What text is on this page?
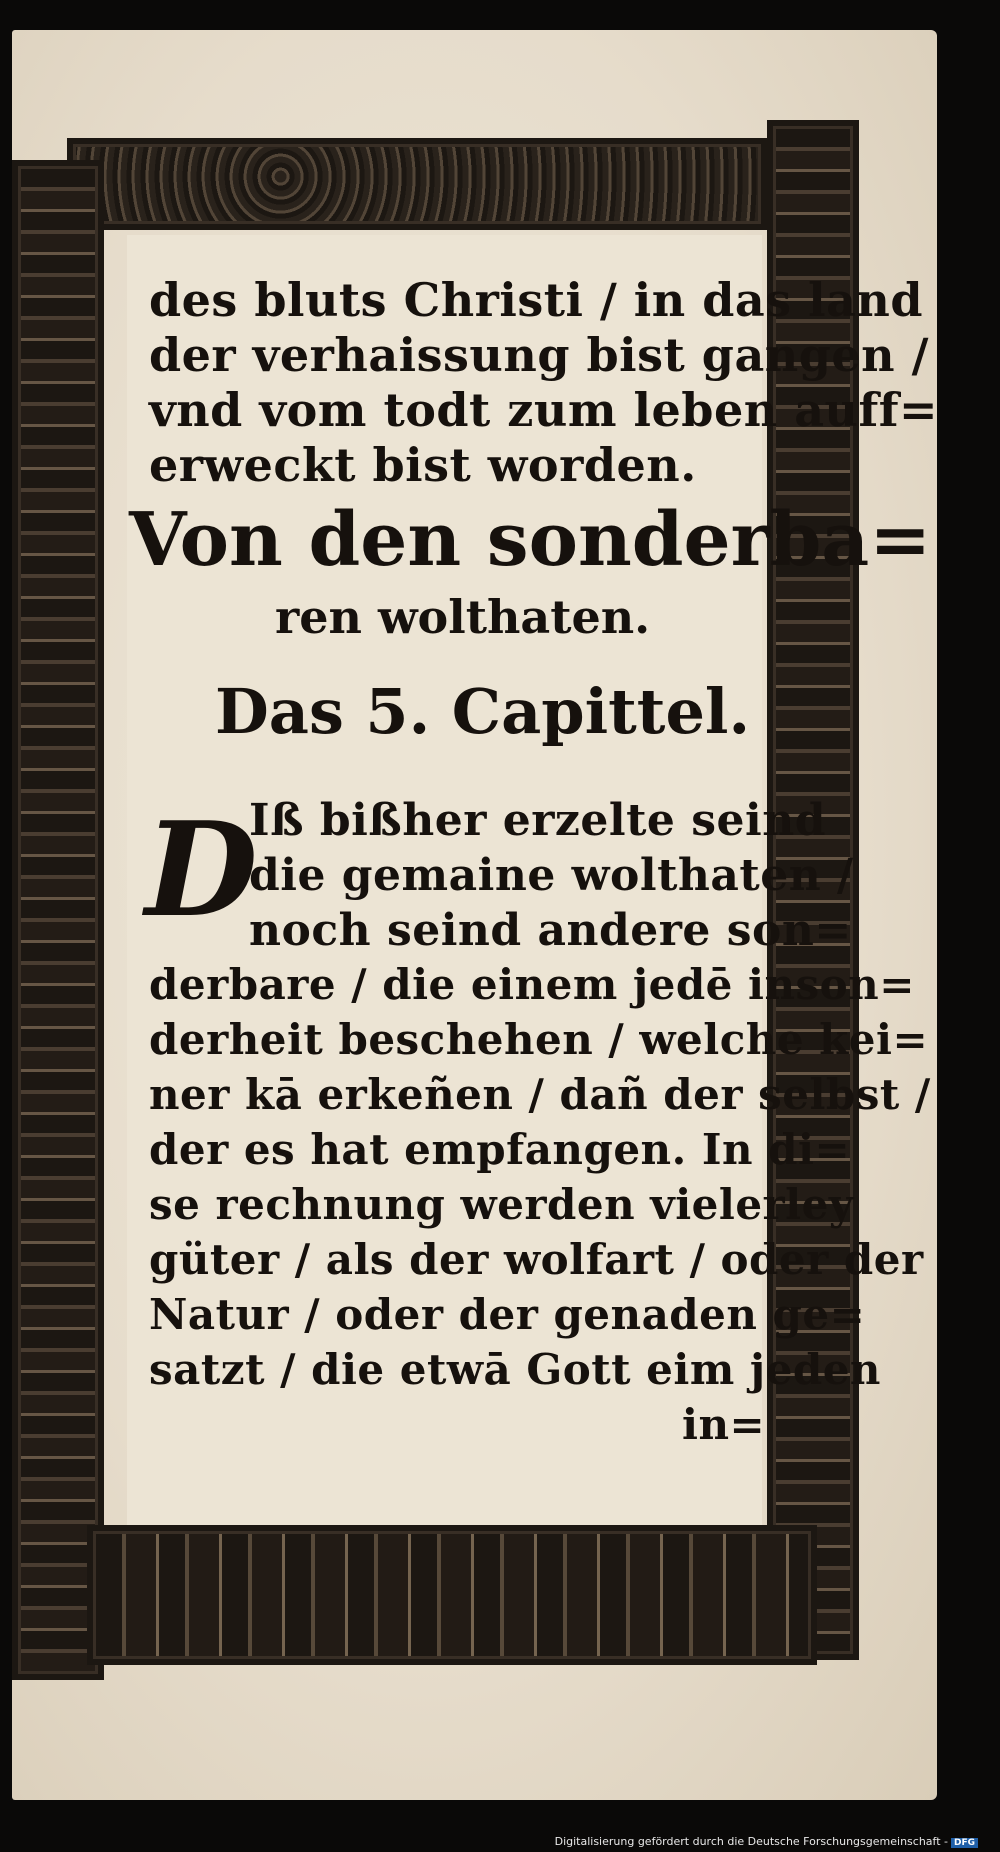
des bluts Christi / in das land
der verhaissung bist gangen /
vnd vom todt zum leben auff=
erweckt bist worden.
Von den sonderba=
ren wolthaten.
Das 5. Capittel.
D
Iß bißher erzelte seind
die gemaine wolthaten /
noch seind andere son=
derbare / die einem jedē inson=
derheit beschehen / welche kei=
ner kā erkeñen / dañ der selbst /
der es hat empfangen. In di=
se rechnung werden vielerley
güter / als der wolfart / oder der
Natur / oder der genaden ge=
satzt / die etwā Gott eim jeden
in=
Digitalisierung gefördert durch die Deutsche Forschungsgemeinschaft - DFG
